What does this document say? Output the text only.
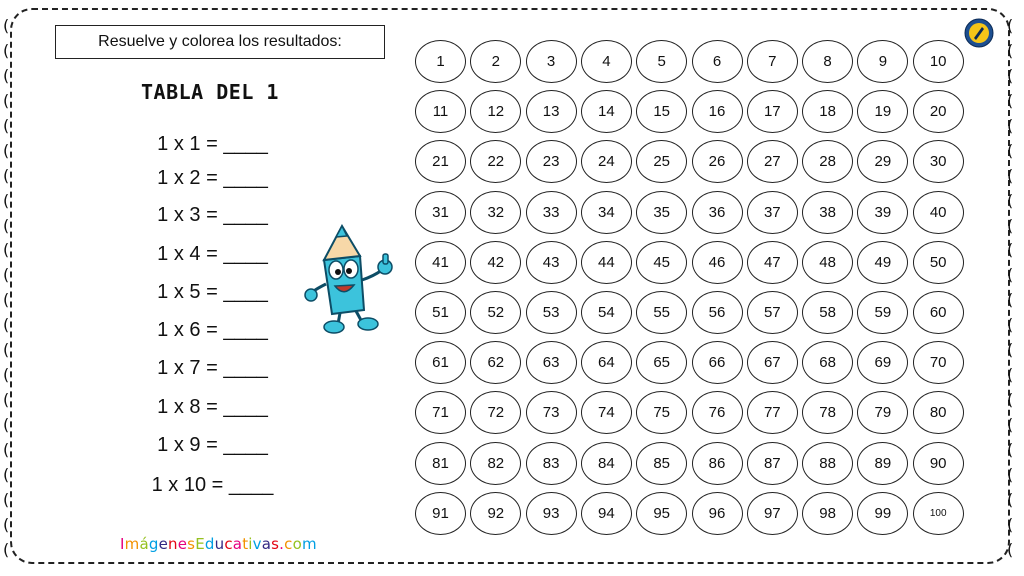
(
(
(
(
(
(
(
(
(
(
(
(
(
(
(
(
(
(
(
(
(
(
(
(
(
(
(
(
(
(
(
(
(
(
(
(
(
(
(
(
(
(
(
(
Resuelve y colorea los resultados:
TABLA DEL 1
1 x 1 = ____
1 x 2 = ____
1 x 3 = ____
1 x 4 = ____
1 x 5 = ____
1 x 6 = ____
1 x 7 = ____
1 x 8 = ____
1 x 9 = ____
1 x 10 = ____
1	2	3	4	5	6	7	8	9	10
11	12	13	14	15	16	17	18	19	20
21	22	23	24	25	26	27	28	29	30
31	32	33	34	35	36	37	38	39	40
41	42	43	44	45	46	47	48	49	50
51	52	53	54	55	56	57	58	59	60
61	62	63	64	65	66	67	68	69	70
71	72	73	74	75	76	77	78	79	80
81	82	83	84	85	86	87	88	89	90
91	92	93	94	95	96	97	98	99	100
ImágenesEducativas.com
